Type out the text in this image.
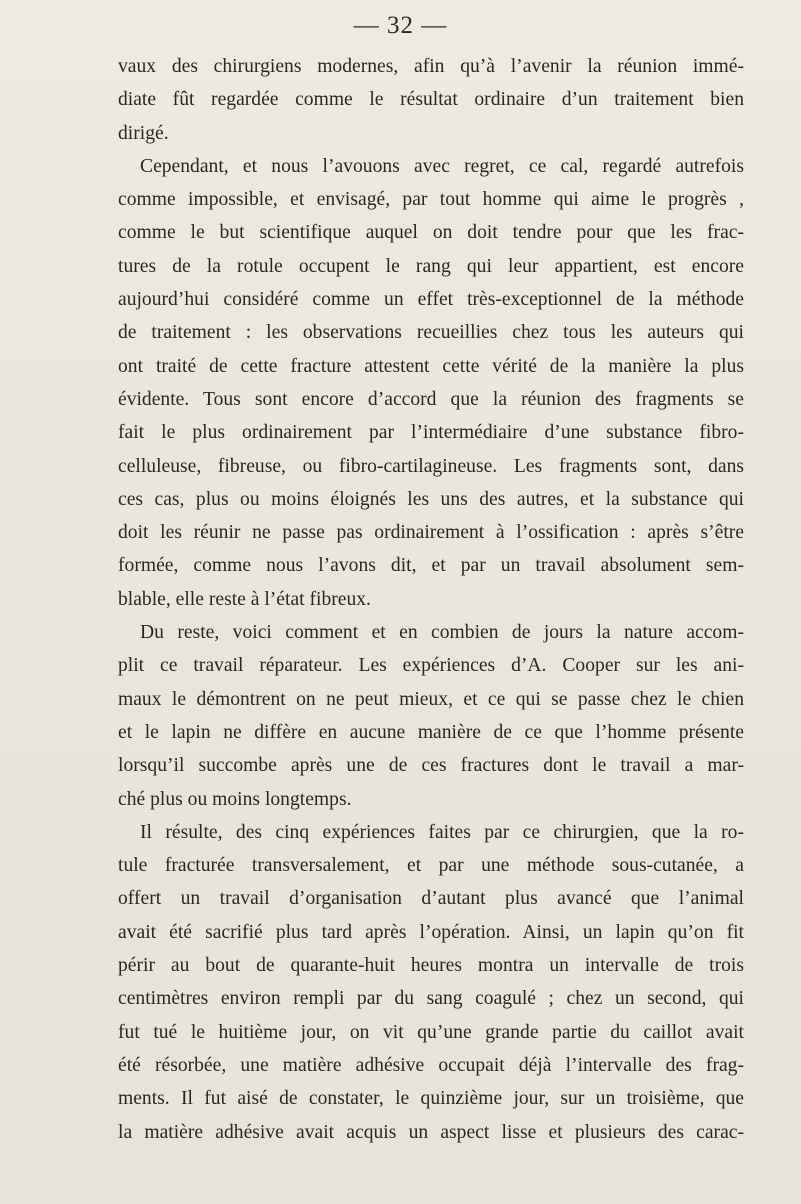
— 32 —
vaux des chirurgiens modernes, afin qu’à l’avenir la réunion immé-
diate fût regardée comme le résultat ordinaire d’un traitement bien
dirigé.
Cependant, et nous l’avouons avec regret, ce cal, regardé autrefois
comme impossible, et envisagé, par tout homme qui aime le progrès ,
comme le but scientifique auquel on doit tendre pour que les frac-
tures de la rotule occupent le rang qui leur appartient, est encore
aujourd’hui considéré comme un effet très-exceptionnel de la méthode
de traitement : les observations recueillies chez tous les auteurs qui
ont traité de cette fracture attestent cette vérité de la manière la plus
évidente. Tous sont encore d’accord que la réunion des fragments se
fait le plus ordinairement par l’intermédiaire d’une substance fibro-
celluleuse, fibreuse, ou fibro-cartilagineuse. Les fragments sont, dans
ces cas, plus ou moins éloignés les uns des autres, et la substance qui
doit les réunir ne passe pas ordinairement à l’ossification : après s’être
formée, comme nous l’avons dit, et par un travail absolument sem-
blable, elle reste à l’état fibreux.
Du reste, voici comment et en combien de jours la nature accom-
plit ce travail réparateur. Les expériences d’A. Cooper sur les ani-
maux le démontrent on ne peut mieux, et ce qui se passe chez le chien
et le lapin ne diffère en aucune manière de ce que l’homme présente
lorsqu’il succombe après une de ces fractures dont le travail a mar-
ché plus ou moins longtemps.
Il résulte, des cinq expériences faites par ce chirurgien, que la ro-
tule fracturée transversalement, et par une méthode sous-cutanée, a
offert un travail d’organisation d’autant plus avancé que l’animal
avait été sacrifié plus tard après l’opération. Ainsi, un lapin qu’on fit
périr au bout de quarante-huit heures montra un intervalle de trois
centimètres environ rempli par du sang coagulé ; chez un second, qui
fut tué le huitième jour, on vit qu’une grande partie du caillot avait
été résorbée, une matière adhésive occupait déjà l’intervalle des frag-
ments. Il fut aisé de constater, le quinzième jour, sur un troisième, que
la matière adhésive avait acquis un aspect lisse et plusieurs des carac-
